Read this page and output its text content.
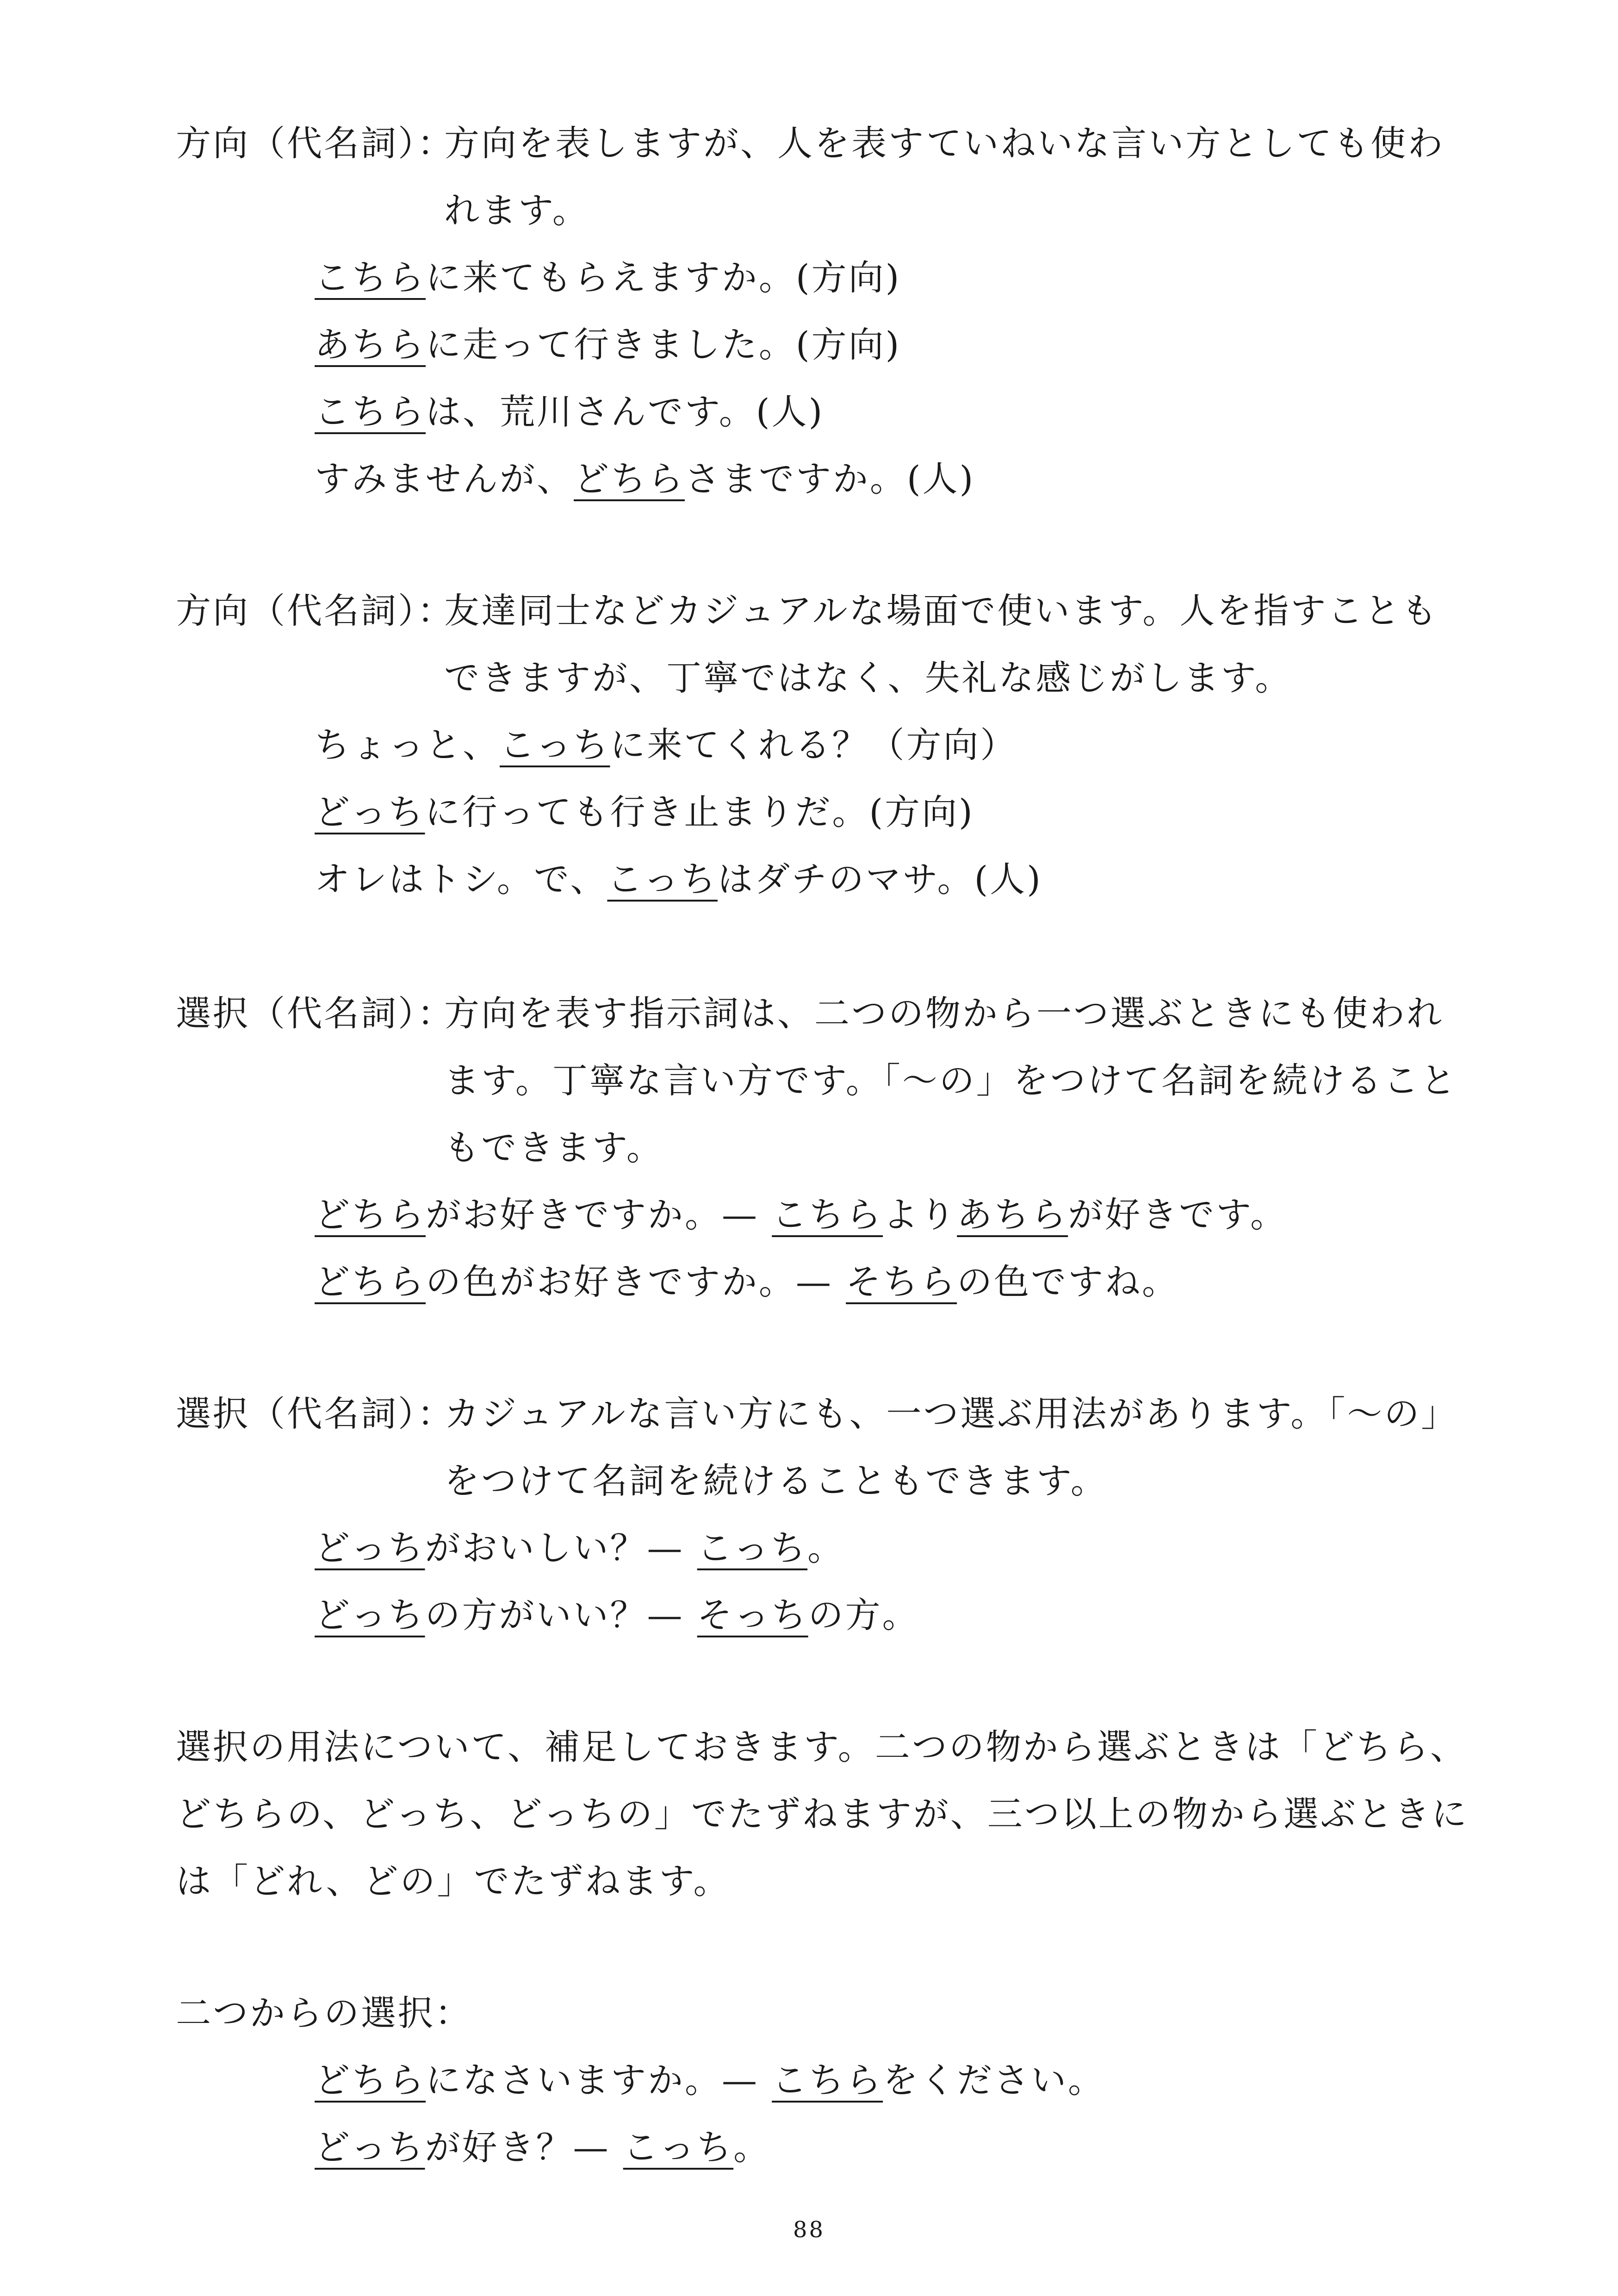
方向（代名詞）：
方向を表しますが、人を表すていねいな言い方としても使わ
れます。
こちらに来てもらえますか。(方向)
あちらに走って行きました。(方向)
こちらは、荒川さんです。(人)
すみませんが、どちらさまですか。(人)
方向（代名詞）：
友達同士などカジュアルな場面で使います。人を指すことも
できますが、丁寧ではなく、失礼な感じがします。
ちょっと、こっちに来てくれる？（方向）
どっちに行っても行き止まりだ。(方向)
オレはトシ。で、こっちはダチのマサ。(人)
選択（代名詞）：
方向を表す指示詞は、二つの物から一つ選ぶときにも使われ
ます。丁寧な言い方です。「～の」をつけて名詞を続けること
もできます。
どちらがお好きですか。— こちらよりあちらが好きです。
どちらの色がお好きですか。— そちらの色ですね。
選択（代名詞）：
カジュアルな言い方にも、一つ選ぶ用法があります。「～の」
をつけて名詞を続けることもできます。
どっちがおいしい？— こっち。
どっちの方がいい？— そっちの方。
選択の用法について、補足しておきます。二つの物から選ぶときは「どちら、
どちらの、どっち、どっちの」でたずねますが、三つ以上の物から選ぶときに
は「どれ、どの」でたずねます。
二つからの選択：
どちらになさいますか。— こちらをください。
どっちが好き？— こっち。
88
